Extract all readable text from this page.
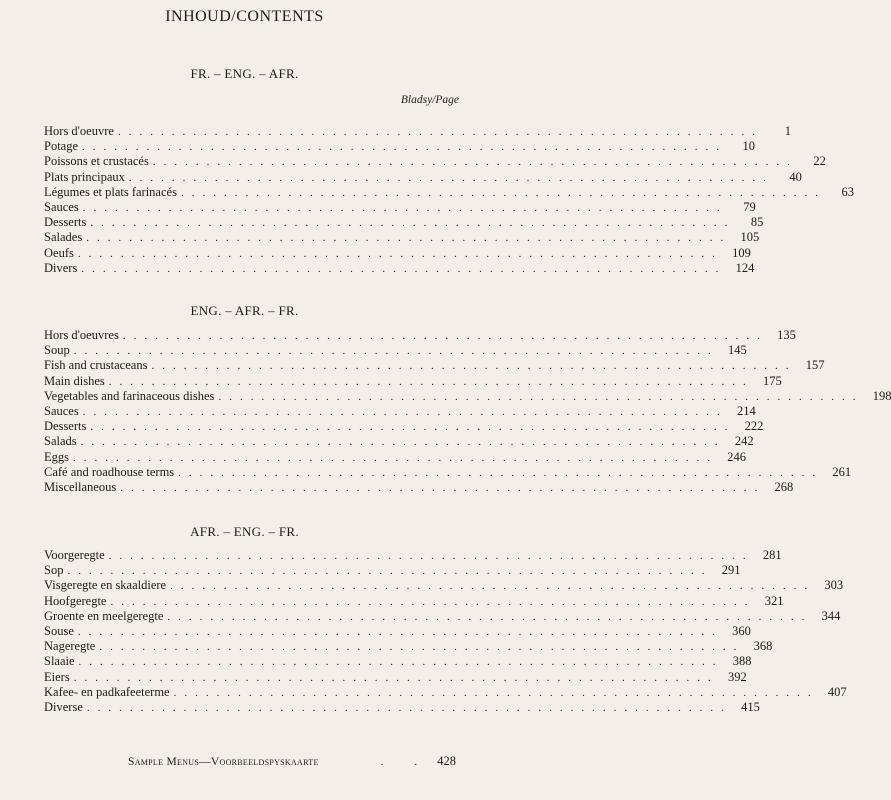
INHOUD/CONTENTS
FR. – ENG. – AFR.
Bladsy/Page
Hors d'oeuvre ............................................................	1
Potage ............................................................	10
Poissons et crustacés ............................................................	22
Plats principaux ............................................................	40
Légumes et plats farinacés ............................................................	63
Sauces ............................................................	79
Desserts ............................................................	85
Salades ............................................................ 105
Oeufs ............................................................ 109
Divers ............................................................ 124
ENG. – AFR. – FR.
Hors d'oeuvres ............................................................ 135
Soup ............................................................ 145
Fish and crustaceans ............................................................ 157
Main dishes ............................................................ 175
Vegetables and farinaceous dishes ............................................................ 198
Sauces ............................................................ 214
Desserts ............................................................ 222
Salads ............................................................ 242
Eggs ............................................................ 246
Café and roadhouse terms ............................................................ 261
Miscellaneous ............................................................ 268
AFR. – ENG. – FR.
Voorgeregte ............................................................ 281
Sop ............................................................ 291
Visgeregte en skaaldiere ............................................................ 303
Hoofgeregte ............................................................ 321
Groente en meelgeregte ............................................................ 344
Souse ............................................................ 360
Nageregte ............................................................ 368
Slaaie ............................................................ 388
Eiers ............................................................ 392
Kafee- en padkafeeterme ............................................................ 407
Diverse ............................................................ 415
Sample Menus—Voorbeeldspyskaarte	. . 428
